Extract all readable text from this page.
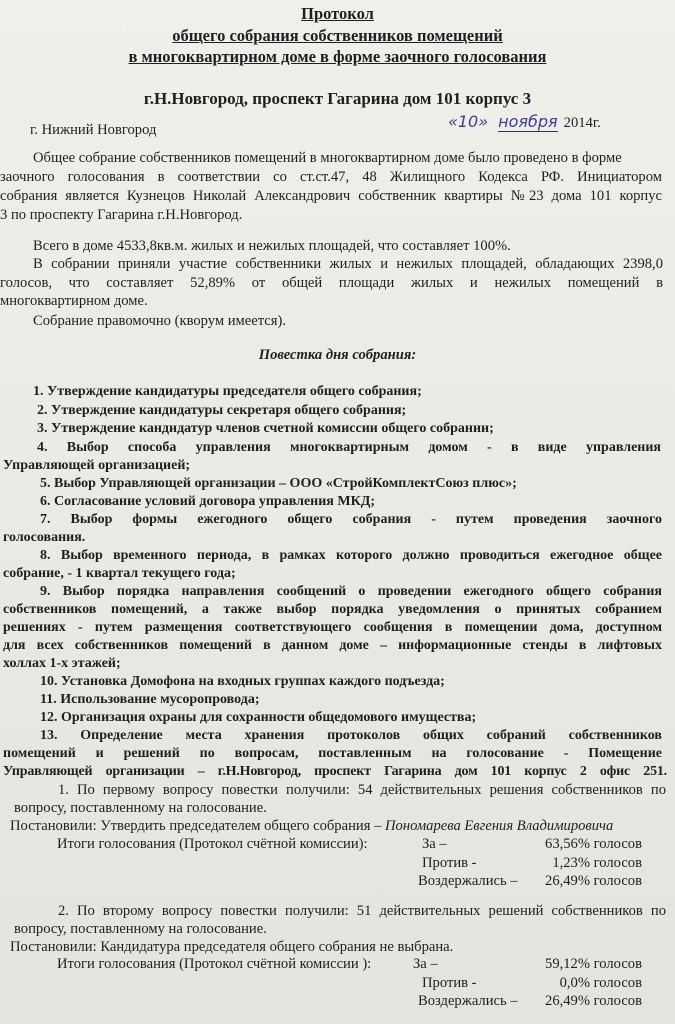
Протокол
общего собрания собственников помещений
в многоквартирном доме в форме заочного голосования
г.Н.Новгород, проспект Гагарина дом 101 корпус 3
г. Нижний Новгород	«10» ноября 2014г.
Общее собрание собственников помещений в многоквартирном доме было проведено в форме
заочного голосования в соответствии со ст.ст.47, 48 Жилищного Кодекса РФ. Инициатором
собрания является Кузнецов Николай Александрович собственник квартиры №23 дома 101 корпус
3 по проспекту Гагарина г.Н.Новгород.
Всего в доме 4533,8кв.м. жилых и нежилых площадей, что составляет 100%.
В собрании приняли участие собственники жилых и нежилых площадей, обладающих 2398,0
голосов, что составляет 52,89% от общей площади жилых и нежилых помещений в
многоквартирном доме.
Собрание правомочно (кворум имеется).
Повестка дня собрания:
1. Утверждение кандидатуры председателя общего собрания;
2. Утверждение кандидатуры секретаря общего собрания;
3. Утверждение кандидатур членов счетной комиссии общего собрании;
4. Выбор способа управления многоквартирным домом - в виде управления
Управляющей организацией;
5. Выбор Управляющей организации – ООО «СтройКомплектСоюз плюс»;
6. Согласование условий договора управления МКД;
7. Выбор формы ежегодного общего собрания - путем проведения заочного
голосования.
8. Выбор временного периода, в рамках которого должно проводиться ежегодное общее
собрание, - 1 квартал текущего года;
9. Выбор порядка направления сообщений о проведении ежегодного общего собрания
собственников помещений, а также выбор порядка уведомления о принятых собранием
решениях - путем размещения соответствующего сообщения в помещении дома, доступном
для всех собственников помещений в данном доме – информационные стенды в лифтовых
холлах 1-х этажей;
10. Установка Домофона на входных группах каждого подъезда;
11. Использование мусоропровода;
12. Организация охраны для сохранности общедомового имущества;
13. Определение места хранения протоколов общих собраний собственников
помещений и решений по вопросам, поставленным на голосование - Помещение
Управляющей организации – г.Н.Новгород, проспект Гагарина дом 101 корпус 2 офис 251.
1. По первому вопросу повестки получили: 54 действительных решения собственников по
вопросу, поставленному на голосование.
Постановили: Утвердить председателем общего собрания – Пономарева Евгения Владимировича
Итоги голосования (Протокол счётной комиссии):	За –	63,56% голосов
Против -	1,23% голосов
Воздержались –	26,49% голосов
2. По второму вопросу повестки получили: 51 действительных решений собственников по
вопросу, поставленному на голосование.
Постановили: Кандидатура председателя общего собрания не выбрана.
Итоги голосования (Протокол счётной комиссии ):	За –	59,12% голосов
Против -	0,0% голосов
Воздержались –	26,49% голосов
